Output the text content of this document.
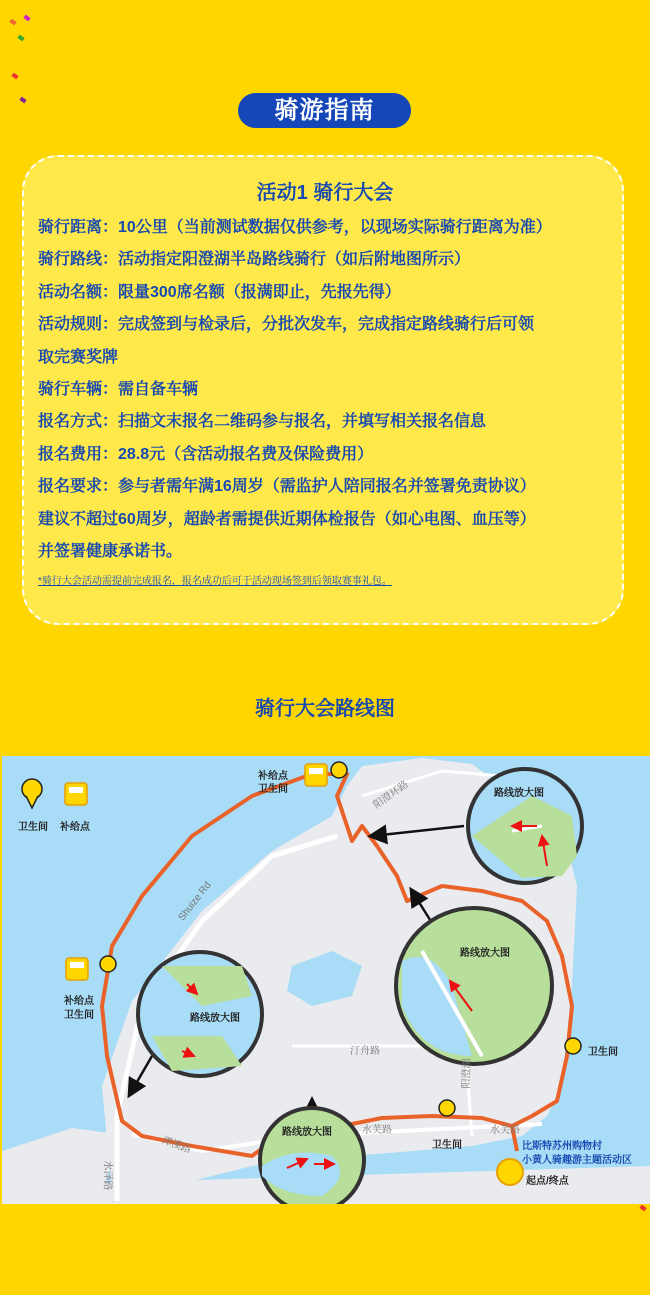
骑游指南
活动1 骑行大会
骑行距离：10公里（当前测试数据仅供参考，以现场实际骑行距离为准）
骑行路线：活动指定阳澄湖半岛路线骑行（如后附地图所示）
活动名额：限量300席名额（报满即止，先报先得）
活动规则：完成签到与检录后，分批次发车，完成指定路线骑行后可领
取完赛奖牌
骑行车辆：需自备车辆
报名方式：扫描文末报名二维码参与报名，并填写相关报名信息
报名费用：28.8元（含活动报名费及保险费用）
报名要求：参与者需年满16周岁（需监护人陪同报名并签署免责协议）
建议不超过60周岁，超龄者需提供近期体检报告（如心电图、血压等）
并签署健康承诺书。
*骑行大会活动需提前完成报名，报名成功后可于活动现场签到后领取赛事礼包。
骑行大会路线图
卫生间 补给点
补给点
卫生间
补给点
卫生间
卫生间
卫生间
路线放大图
路线放大图
路线放大图
路线放大图
阳澄环路
Shuize Rd
汀舟路
阳澄湖
水芙路	水芙路
潭溪路
水泽路
比斯特苏州购物村
小黄人骑趣游主题活动区
起点/终点
